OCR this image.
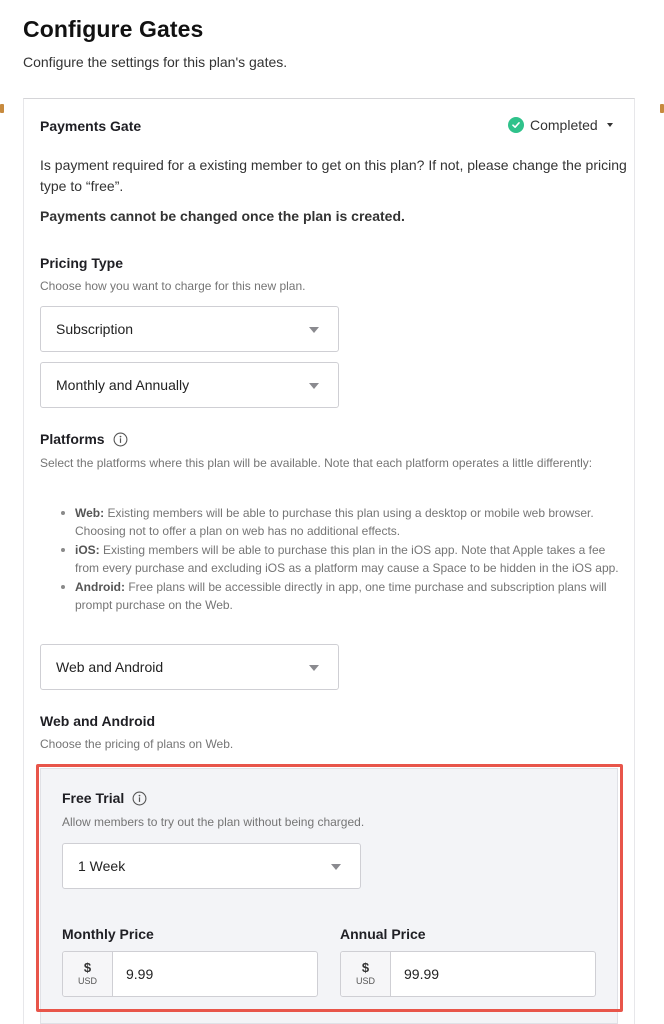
Configure Gates
Configure the settings for this plan's gates.
Payments Gate	Completed
Is payment required for a existing member to get on this plan? If not, please change the pricing type to “free”.
Payments cannot be changed once the plan is created.
Pricing Type
Choose how you want to charge for this new plan.
Subscription
Monthly and Annually
Platforms
Select the platforms where this plan will be available. Note that each platform operates a little differently:
Web: Existing members will be able to purchase this plan using a desktop or mobile web browser. Choosing not to offer a plan on web has no additional effects.
iOS: Existing members will be able to purchase this plan in the iOS app. Note that Apple takes a fee from every purchase and excluding iOS as a platform may cause a Space to be hidden in the iOS app.
Android: Free plans will be accessible directly in app, one time purchase and subscription plans will prompt purchase on the Web.
Web and Android
Web and Android
Choose the pricing of plans on Web.
Free Trial
Allow members to try out the plan without being charged.
1 Week
Monthly Price
$
USD	9.99
Annual Price
$
USD	99.99
